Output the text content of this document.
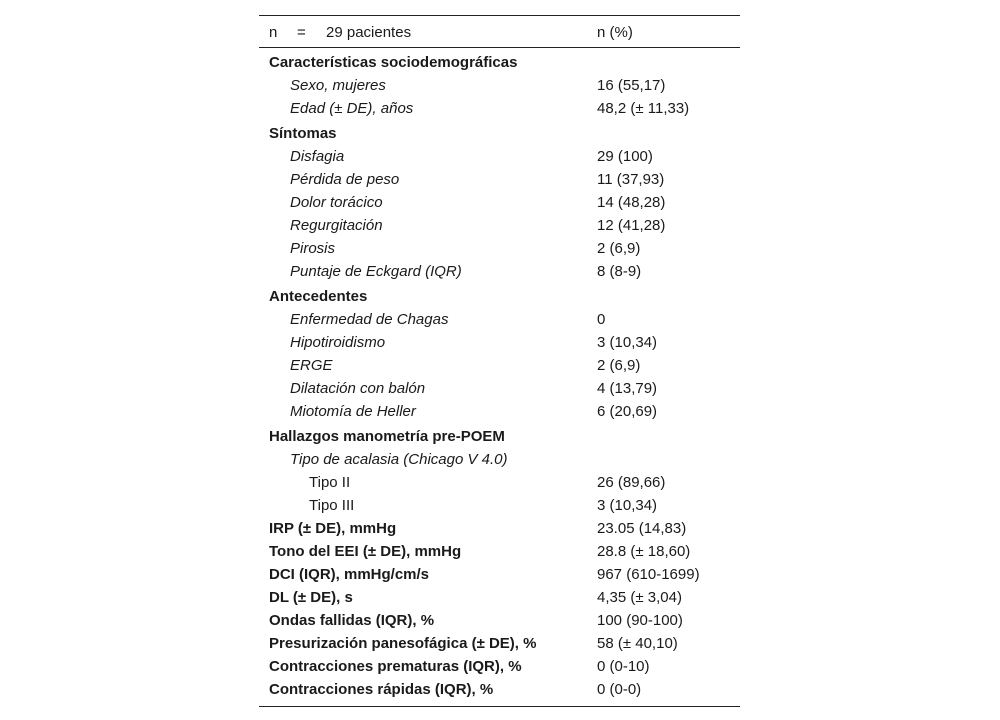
n = 29 pacientes	n (%)
Características sociodemográficas
Sexo, mujeres	16 (55,17)
Edad (± DE), años	48,2 (± 11,33)
Síntomas
Disfagia	29 (100)
Pérdida de peso	11 (37,93)
Dolor torácico	14 (48,28)
Regurgitación	12 (41,28)
Pirosis	2 (6,9)
Puntaje de Eckgard (IQR)	8 (8-9)
Antecedentes
Enfermedad de Chagas	0
Hipotiroidismo	3 (10,34)
ERGE	2 (6,9)
Dilatación con balón	4 (13,79)
Miotomía de Heller	6 (20,69)
Hallazgos manometría pre-POEM
Tipo de acalasia (Chicago V 4.0)
Tipo II	26 (89,66)
Tipo III	3 (10,34)
IRP (± DE), mmHg	23.05 (14,83)
Tono del EEI (± DE), mmHg	28.8 (± 18,60)
DCI (IQR), mmHg/cm/s	967 (610-1699)
DL (± DE), s	4,35 (± 3,04)
Ondas fallidas (IQR), %	100 (90-100)
Presurización panesofágica (± DE), %	58 (± 40,10)
Contracciones prematuras (IQR), %	0 (0-10)
Contracciones rápidas (IQR), %	0 (0-0)
